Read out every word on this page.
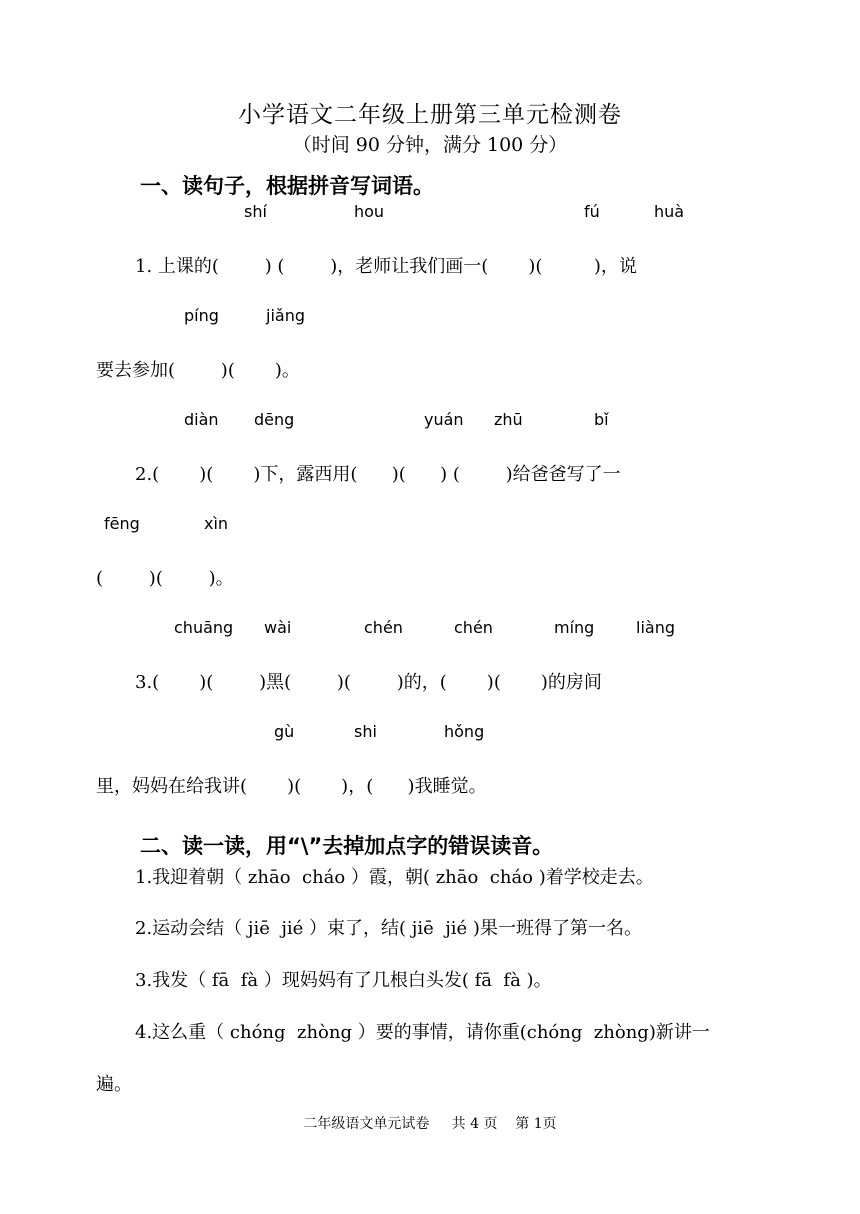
小学语文二年级上册第三单元检测卷
（时间 90 分钟，满分 100 分）
一、读句子，根据拼音写词语。
shí	hou	fú	huà
1. 上课的(        ) (        )，老师让我们画一(       )(         )，说
píng	jiǎng
要去参加(        )(       )。
diàn dēng	yuán zhū	bǐ
2.(       )(       )下，露西用(      )(      ) (        )给爸爸写了一
fēng	xìn
(        )(        )。
chuāng wài	chén	chén	míng	liàng
3.(       )(        )黑(        )(        )的，(       )(       )的房间
gù	shi	hǒng
里，妈妈在给我讲(       )(       )，(      )我睡觉。
二、读一读，用“\”去掉加点字的错误读音。
1.我迎着朝（ zhāo  cháo ）霞，朝( zhāo  cháo )着学校走去。
2.运动会结（ jiē  jié ）束了，结( jiē  jié )果一班得了第一名。
3.我发（ fā  fà ）现妈妈有了几根白头发( fā  fà )。
4.这么重（ chóng  zhòng ）要的事情，请你重(chóng  zhòng)新讲一
遍。
二年级语文单元试卷     共 4 页    第 1页
